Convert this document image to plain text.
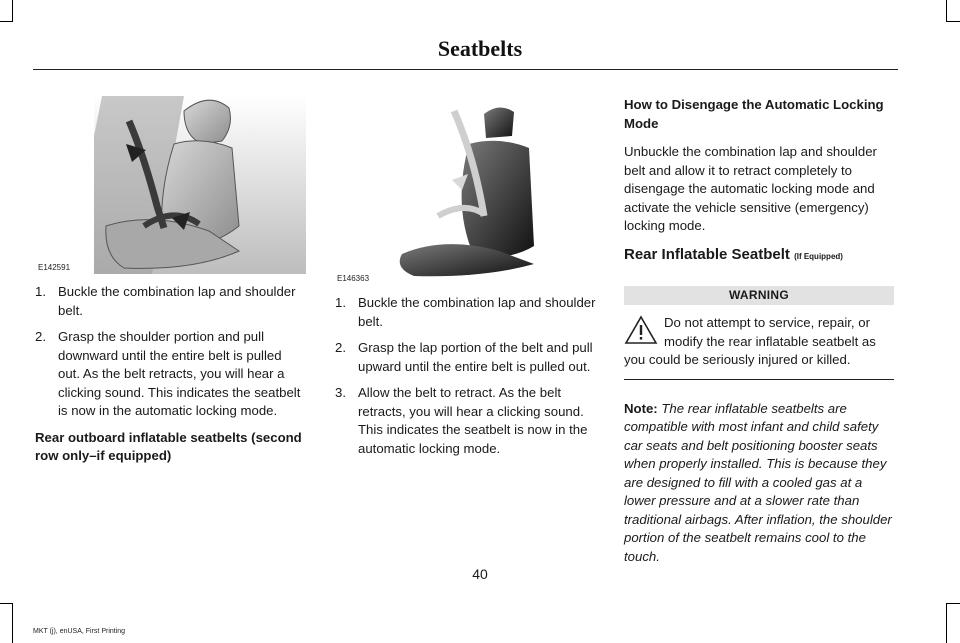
Seatbelts
E142591
E146363
1. Buckle the combination lap and shoulder belt.
2. Grasp the shoulder portion and pull downward until the entire belt is pulled out. As the belt retracts, you will hear a clicking sound. This indicates the seatbelt is now in the automatic locking mode.
Rear outboard inflatable seatbelts (second row only–if equipped)
1. Buckle the combination lap and shoulder belt.
2. Grasp the lap portion of the belt and pull upward until the entire belt is pulled out.
3. Allow the belt to retract. As the belt retracts, you will hear a clicking sound. This indicates the seatbelt is now in the automatic locking mode.
How to Disengage the Automatic Locking Mode
Unbuckle the combination lap and shoulder belt and allow it to retract completely to disengage the automatic locking mode and activate the vehicle sensitive (emergency) locking mode.
Rear Inflatable Seatbelt (If Equipped)
WARNING
Do not attempt to service, repair, or
modify the rear inflatable seatbelt as
you could be seriously injured or killed.
Note: The rear inflatable seatbelts are compatible with most infant and child safety car seats and belt positioning booster seats when properly installed. This is because they are designed to fill with a cooled gas at a lower pressure and at a slower rate than traditional airbags. After inflation, the shoulder portion of the seatbelt remains cool to the touch.
40
MKT (j), enUSA, First Printing
